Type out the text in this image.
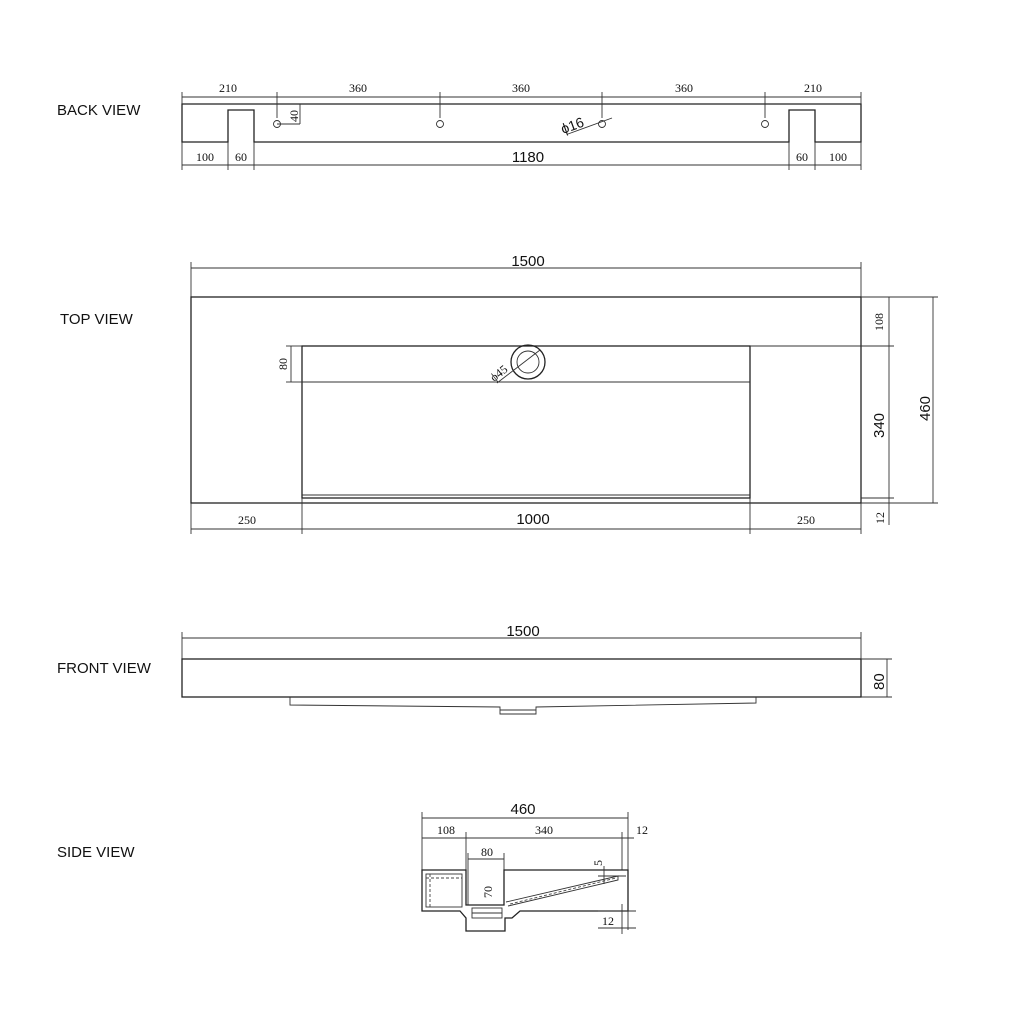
BACK VIEW
TOP VIEW
FRONT VIEW
SIDE VIEW
210	360	360	360	210
40	ϕ16
100 60	1180	60 100
1500
ϕ45
80
250	1000	250
108
340
460
12
1500
80
460
108	340	12
80
70
5
12
